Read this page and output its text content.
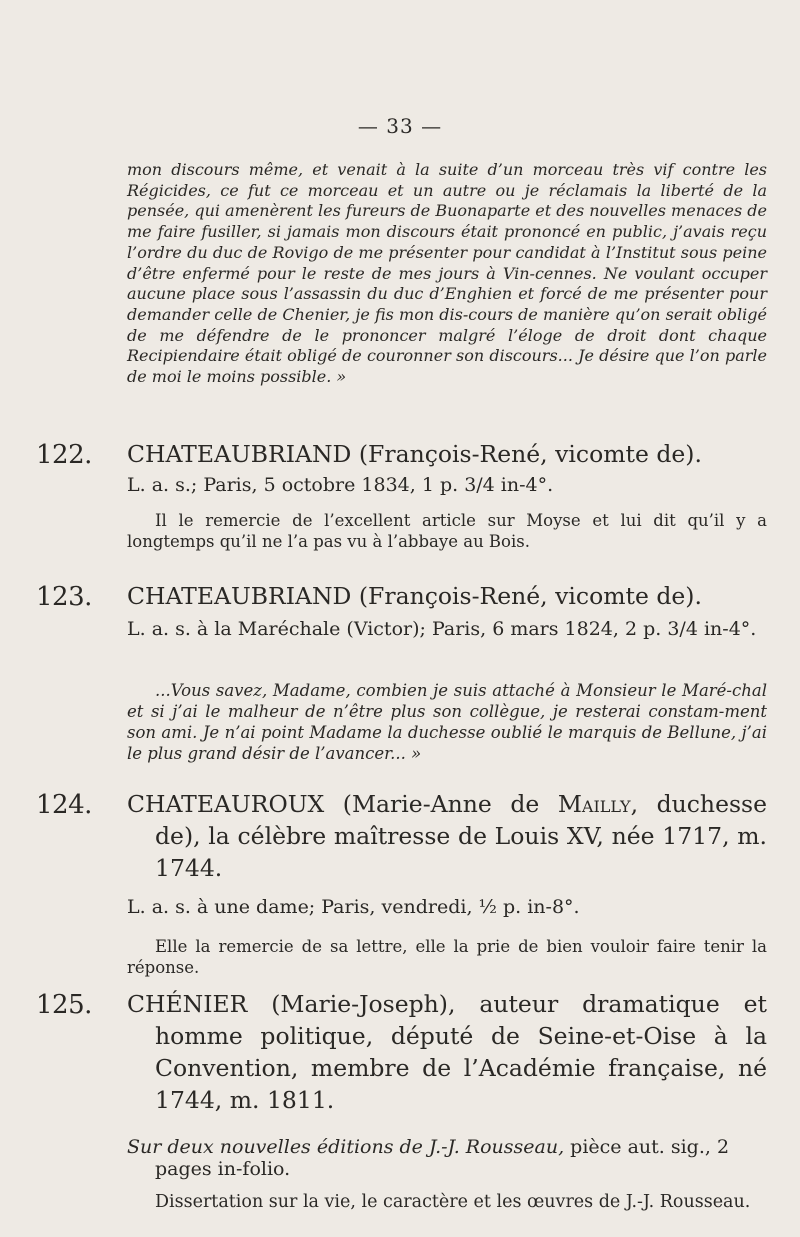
— 33 —

mon discours même, et venait à la suite d’un morceau très vif contre les Régicides, ce fut ce morceau et un autre ou je réclamais la liberté de la pensée, qui amenèrent les fureurs de Buonaparte et des nouvelles menaces de me faire fusiller, si jamais mon discours était prononcé en public, j’avais reçu l’ordre du duc de Rovigo de me présenter pour candidat à l’Institut sous peine d’être enfermé pour le reste de mes jours à Vin-cennes. Ne voulant occuper aucune place sous l’assassin du duc d’Enghien et forcé de me présenter pour demander celle de Chenier, je fis mon dis-cours de manière qu’on serait obligé de me défendre de le prononcer malgré l’éloge de droit dont chaque Recipiendaire était obligé de couronner son discours... Je désire que l’on parle de moi le moins possible. »

122. CHATEAUBRIAND (François-René, vicomte de).

L. a. s.; Paris, 5 octobre 1834, 1 p. 3/4 in-4°.

Il le remercie de l’excellent article sur Moyse et lui dit qu’il y a longtemps qu’il ne l’a pas vu à l’abbaye au Bois.

123. CHATEAUBRIAND (François-René, vicomte de).

L. a. s. à la Maréchale (Victor); Paris, 6 mars 1824, 2 p. 3/4 in-4°.

...Vous savez, Madame, combien je suis attaché à Monsieur le Maré-chal et si j’ai le malheur de n’être plus son collègue, je resterai constam-ment son ami. Je n’ai point Madame la duchesse oublié le marquis de Bellune, j’ai le plus grand désir de l’avancer... »

124. CHATEAUROUX (Marie-Anne de Mailly, duchesse de), la célèbre maîtresse de Louis XV, née 1717, m. 1744.

L. a. s. à une dame; Paris, vendredi, ½ p. in-8°.

Elle la remercie de sa lettre, elle la prie de bien vouloir faire tenir la réponse.

125. CHÉNIER (Marie-Joseph), auteur dramatique et homme politique, député de Seine-et-Oise à la Convention, membre de l’Académie française, né 1744, m. 1811.

Sur deux nouvelles éditions de J.-J. Rousseau, pièce aut. sig., 2 pages in-folio.

Dissertation sur la vie, le caractère et les œuvres de J.-J. Rousseau.
